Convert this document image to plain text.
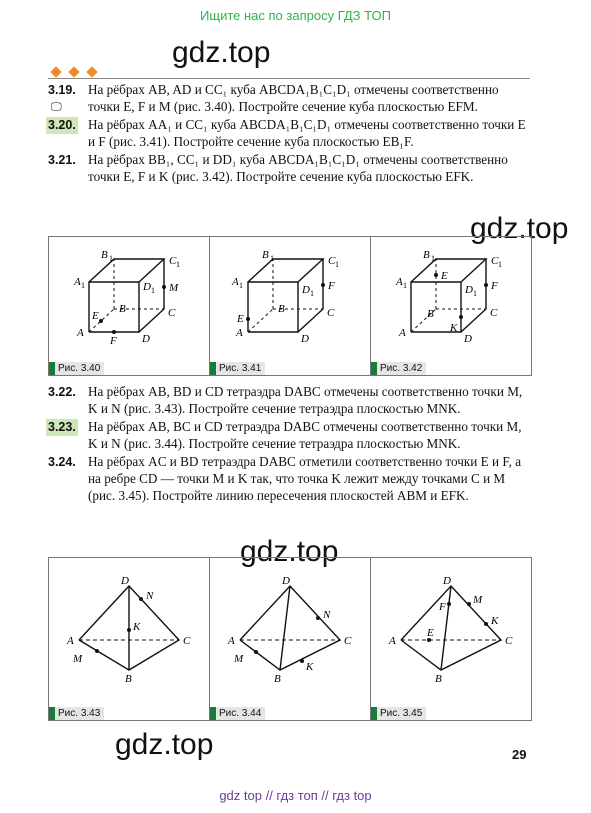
Ищите нас по запросу ГДЗ ТОП
gdz.top
3.19.
🖵
На рёбрах AB, AD и CC₁ куба ABCDA₁B₁C₁D₁ отмечены соответственно точки E, F и M (рис. 3.40). Постройте сечение куба плоскостью EFM.
3.20. На рёбрах AA₁ и CC₁ куба ABCDA₁B₁C₁D₁ отмечены соответственно точки E и F (рис. 3.41). Постройте сечение куба плоскостью EB₁F.
3.21. На рёбрах BB₁, CC₁ и DD₁ куба ABCDA₁B₁C₁D₁ отмечены соответственно точки E, F и K (рис. 3.42). Постройте сечение куба плоскостью EFK.
gdz.top
A
B 1
B
C 1
C
A 1	D 1
D
E
F
M
Рис. 3.40
A
B 1
B
C 1
C
A 1	D 1
D
E
F
Рис. 3.41
A
B 1
B
C 1
C
A 1	D 1
D
E
F
K
Рис. 3.42
3.22. На рёбрах AB, BD и CD тетраэдра DABC отмечены соответственно точки M, K и N (рис. 3.43). Постройте сечение тетраэдра плоскостью MNK.
3.23. На рёбрах AB, BC и CD тетраэдра DABC отмечены соответственно точки M, K и N (рис. 3.44). Постройте сечение тетраэдра плоскостью MNK.
3.24. На рёбрах AC и BD тетраэдра DABC отметили соответственно точки E и F, а на ребре CD — точки M и K так, что точка K лежит между точками C и M (рис. 3.45). Постройте линию пересечения плоскостей ABM и EFK.
gdz.top
A	C
D
B
N
K
M
Рис. 3.43
A	C
D
B
N
K
M
Рис. 3.44
A	C
D
B
E
F
M
K
Рис. 3.45
gdz.top	29
gdz top // гдз топ // гдз top
